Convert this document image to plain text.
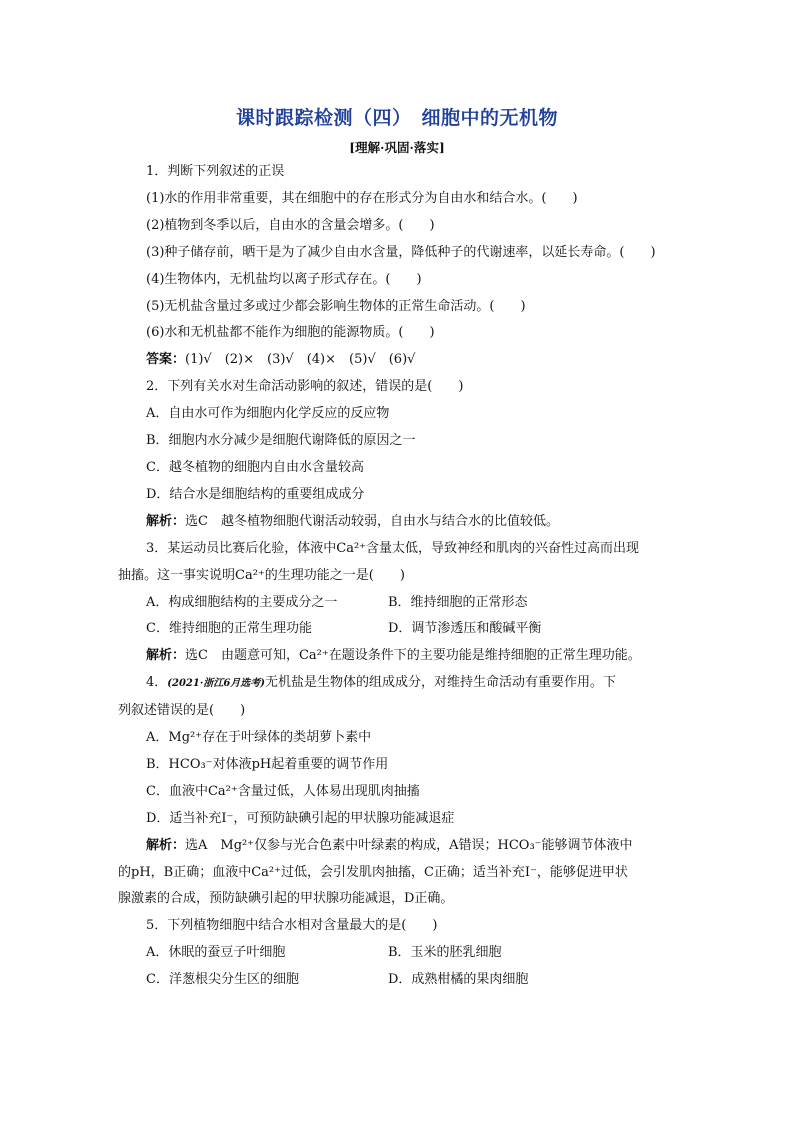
课时跟踪检测（四）　细胞中的无机物
[理解·巩固·落实]
1．判断下列叙述的正误
(1)水的作用非常重要，其在细胞中的存在形式分为自由水和结合水。(　　)
(2)植物到冬季以后，自由水的含量会增多。(　　)
(3)种子储存前，晒干是为了减少自由水含量，降低种子的代谢速率，以延长寿命。(　　)
(4)生物体内，无机盐均以离子形式存在。(　　)
(5)无机盐含量过多或过少都会影响生物体的正常生命活动。(　　)
(6)水和无机盐都不能作为细胞的能源物质。(　　)
答案：(1)√　(2)×　(3)√　(4)×　(5)√　(6)√
2．下列有关水对生命活动影响的叙述，错误的是(　　)
A．自由水可作为细胞内化学反应的反应物
B．细胞内水分减少是细胞代谢降低的原因之一
C．越冬植物的细胞内自由水含量较高
D．结合水是细胞结构的重要组成成分
解析：选C　越冬植物细胞代谢活动较弱，自由水与结合水的比值较低。
3．某运动员比赛后化验，体液中Ca²⁺含量太低，导致神经和肌肉的兴奋性过高而出现
抽搐。这一事实说明Ca²⁺的生理功能之一是(　　)
A．构成细胞结构的主要成分之一	B．维持细胞的正常形态
C．维持细胞的正常生理功能	D．调节渗透压和酸碱平衡
解析：选C　由题意可知，Ca²⁺在题设条件下的主要功能是维持细胞的正常生理功能。
4．(2021·浙江6月选考)无机盐是生物体的组成成分，对维持生命活动有重要作用。下
列叙述错误的是(　　)
A．Mg²⁺存在于叶绿体的类胡萝卜素中
B．HCO₃⁻对体液pH起着重要的调节作用
C．血液中Ca²⁺含量过低，人体易出现肌肉抽搐
D．适当补充I⁻，可预防缺碘引起的甲状腺功能减退症
解析：选A　Mg²⁺仅参与光合色素中叶绿素的构成，A错误；HCO₃⁻能够调节体液中
的pH，B正确；血液中Ca²⁺过低，会引发肌肉抽搐，C正确；适当补充I⁻，能够促进甲状
腺激素的合成，预防缺碘引起的甲状腺功能减退，D正确。
5．下列植物细胞中结合水相对含量最大的是(　　)
A．休眠的蚕豆子叶细胞	B．玉米的胚乳细胞
C．洋葱根尖分生区的细胞	D．成熟柑橘的果肉细胞
